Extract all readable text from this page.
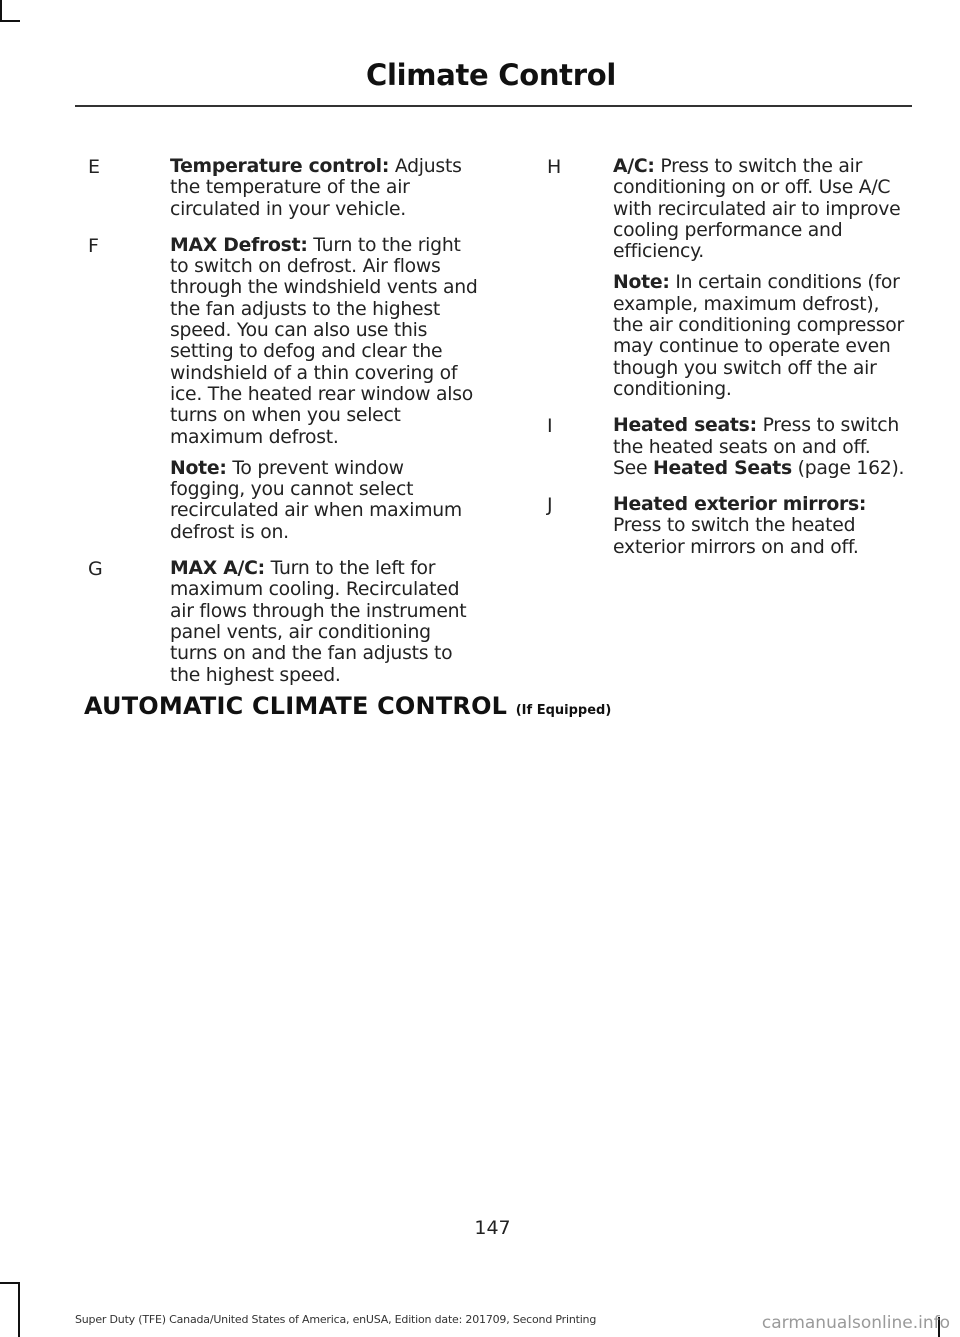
Climate Control
E	Temperature control: Adjusts the temperature of the air circulated in your vehicle.

F	MAX Defrost: Turn to the right to switch on defrost. Air flows through the windshield vents and the fan adjusts to the highest speed. You can also use this setting to defog and clear the windshield of a thin covering of ice. The heated rear window also turns on when you select maximum defrost.

Note: To prevent window fogging, you cannot select recirculated air when maximum defrost is on.

G	MAX A/C: Turn to the left for maximum cooling. Recirculated air flows through the instrument panel vents, air conditioning turns on and the fan adjusts to the highest speed.

H	A/C: Press to switch the air conditioning on or off. Use A/C with recirculated air to improve cooling performance and efficiency.

Note: In certain conditions (for example, maximum defrost), the air conditioning compressor may continue to operate even though you switch off the air conditioning.

I	Heated seats: Press to switch the heated seats on and off. See Heated Seats (page 162).

J	Heated exterior mirrors: Press to switch the heated exterior mirrors on and off.

AUTOMATIC CLIMATE CONTROL (If Equipped)
147
Super Duty (TFE) Canada/United States of America, enUSA, Edition date: 201709, Second Printing	carmanualsonline.info
